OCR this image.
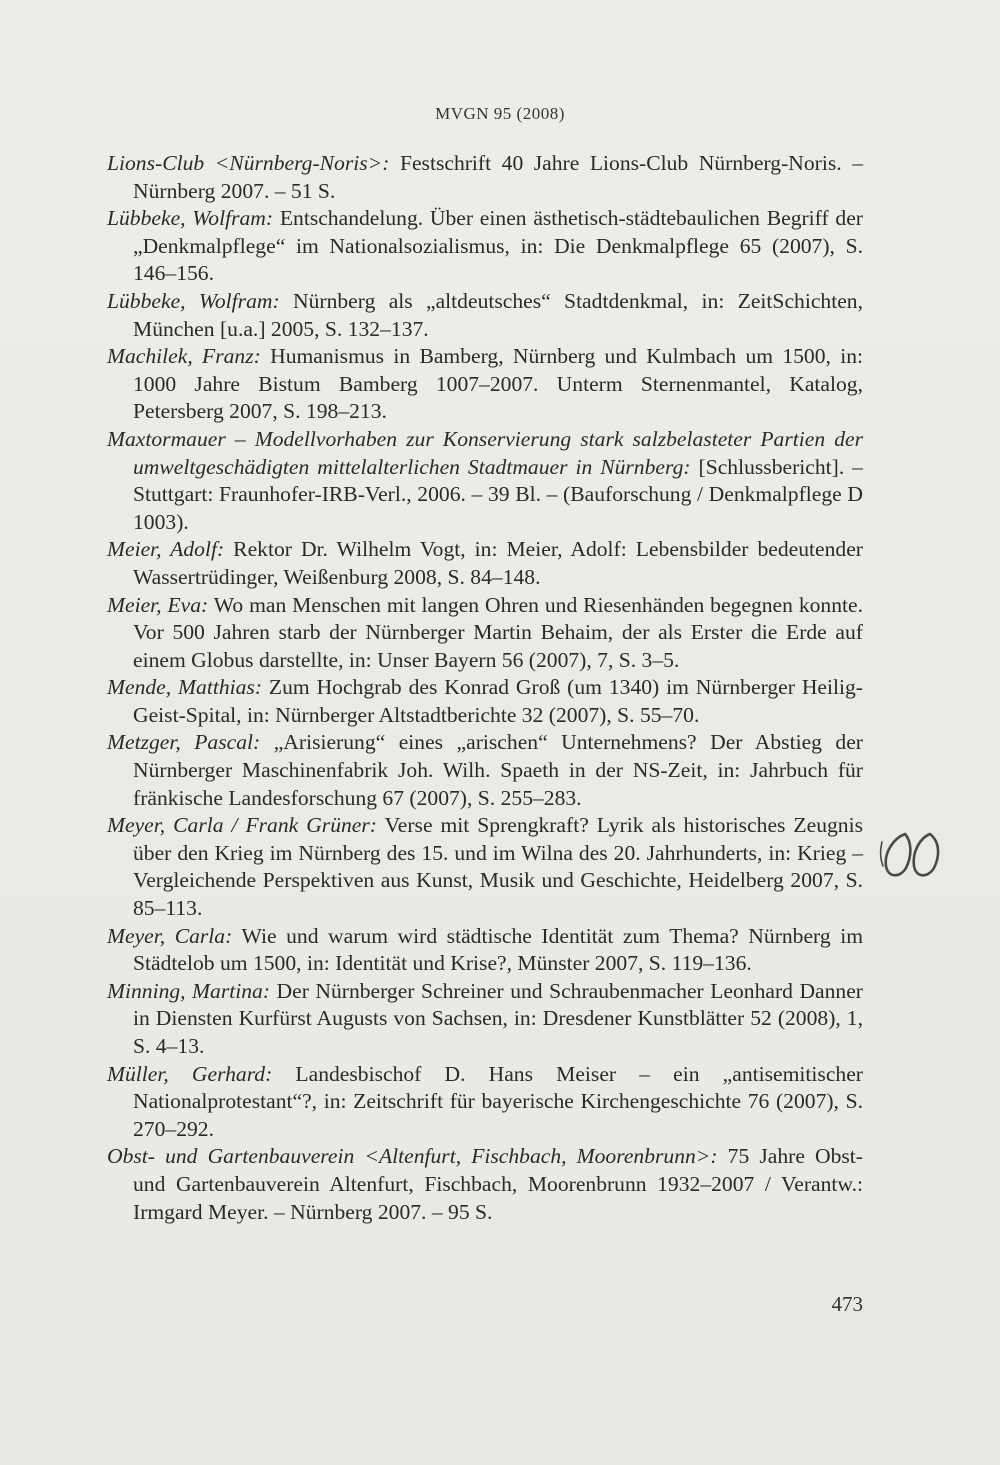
MVGN 95 (2008)
Lions-Club <Nürnberg-Noris>: Festschrift 40 Jahre Lions-Club Nürnberg-Noris. – Nürnberg 2007. – 51 S.
Lübbeke, Wolfram: Entschandelung. Über einen ästhetisch-städtebaulichen Begriff der „Denkmalpflege“ im Nationalsozialismus, in: Die Denkmalpflege 65 (2007), S. 146–156.
Lübbeke, Wolfram: Nürnberg als „altdeutsches“ Stadtdenkmal, in: ZeitSchichten, München [u.a.] 2005, S. 132–137.
Machilek, Franz: Humanismus in Bamberg, Nürnberg und Kulmbach um 1500, in: 1000 Jahre Bistum Bamberg 1007–2007. Unterm Sternenmantel, Katalog, Petersberg 2007, S. 198–213.
Maxtormauer – Modellvorhaben zur Konservierung stark salzbelasteter Partien der umweltgeschädigten mittelalterlichen Stadtmauer in Nürnberg: [Schlussbericht]. – Stuttgart: Fraunhofer-IRB-Verl., 2006. – 39 Bl. – (Bauforschung / Denkmalpflege D 1003).
Meier, Adolf: Rektor Dr. Wilhelm Vogt, in: Meier, Adolf: Lebensbilder bedeutender Wassertrüdinger, Weißenburg 2008, S. 84–148.
Meier, Eva: Wo man Menschen mit langen Ohren und Riesenhänden begegnen konnte. Vor 500 Jahren starb der Nürnberger Martin Behaim, der als Erster die Erde auf einem Globus darstellte, in: Unser Bayern 56 (2007), 7, S. 3–5.
Mende, Matthias: Zum Hochgrab des Konrad Groß (um 1340) im Nürnberger Heilig-Geist-Spital, in: Nürnberger Altstadtberichte 32 (2007), S. 55–70.
Metzger, Pascal: „Arisierung“ eines „arischen“ Unternehmens? Der Abstieg der Nürnberger Maschinenfabrik Joh. Wilh. Spaeth in der NS-Zeit, in: Jahrbuch für fränkische Landesforschung 67 (2007), S. 255–283.
Meyer, Carla / Frank Grüner: Verse mit Sprengkraft? Lyrik als historisches Zeugnis über den Krieg im Nürnberg des 15. und im Wilna des 20. Jahrhunderts, in: Krieg – Vergleichende Perspektiven aus Kunst, Musik und Geschichte, Heidelberg 2007, S. 85–113.
Meyer, Carla: Wie und warum wird städtische Identität zum Thema? Nürnberg im Städtelob um 1500, in: Identität und Krise?, Münster 2007, S. 119–136.
Minning, Martina: Der Nürnberger Schreiner und Schraubenmacher Leonhard Danner in Diensten Kurfürst Augusts von Sachsen, in: Dresdener Kunstblätter 52 (2008), 1, S. 4–13.
Müller, Gerhard: Landesbischof D. Hans Meiser – ein „antisemitischer Nationalprotestant“?, in: Zeitschrift für bayerische Kirchengeschichte 76 (2007), S. 270–292.
Obst- und Gartenbauverein <Altenfurt, Fischbach, Moorenbrunn>: 75 Jahre Obst- und Gartenbauverein Altenfurt, Fischbach, Moorenbrunn 1932–2007 / Verantw.: Irmgard Meyer. – Nürnberg 2007. – 95 S.
473
